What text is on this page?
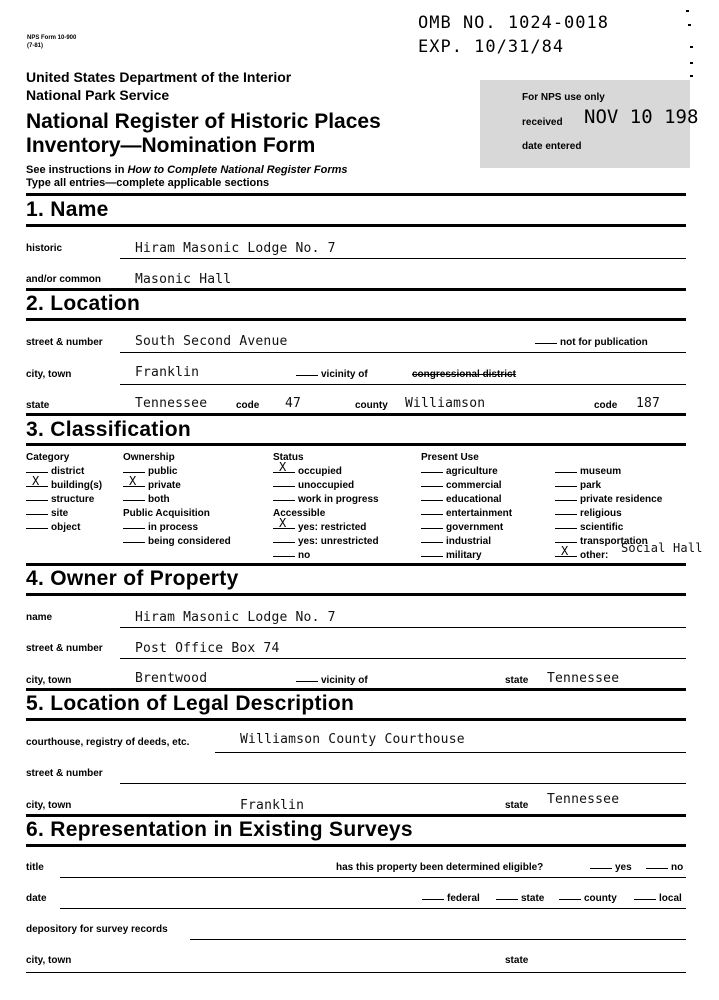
OMB NO. 1024-0018
EXP. 10/31/84
NPS Form 10-900
(7-81)
United States Department of the Interior
National Park Service
National Register of Historic Places
Inventory—Nomination Form
See instructions in How to Complete National Register Forms
Type all entries—complete applicable sections
For NPS use only
received NOV 10 198
date entered
1. Name
historic	Hiram Masonic Lodge No. 7
and/or common	Masonic Hall
2. Location
street & number South Second Avenue	not for publication
city, town	Franklin	vicinity of	congressional district
state	Tennessee	code 47	county Williamson	code 187
3. Classification
Category
district
X building(s)
structure
site
object
Ownership
public
X private
both
Public Acquisition
in process
being considered
Status
X occupied
unoccupied
work in progress
Accessible
X yes: restricted
yes: unrestricted
no
Present Use
agriculture
commercial
educational
entertainment
government
industrial
military
museum
park
private residence
religious
scientific
transportation
X other:
Social Hall
4. Owner of Property
name	Hiram Masonic Lodge No. 7
street & number Post Office Box 74
city, town	Brentwood	vicinity of	state Tennessee
5. Location of Legal Description
courthouse, registry of deeds, etc.	Williamson County Courthouse
street & number
city, town	Franklin	state Tennessee
6. Representation in Existing Surveys
title	has this property been determined eligible?	yes	no
date	federal	state	county	local
depository for survey records
city, town	state
